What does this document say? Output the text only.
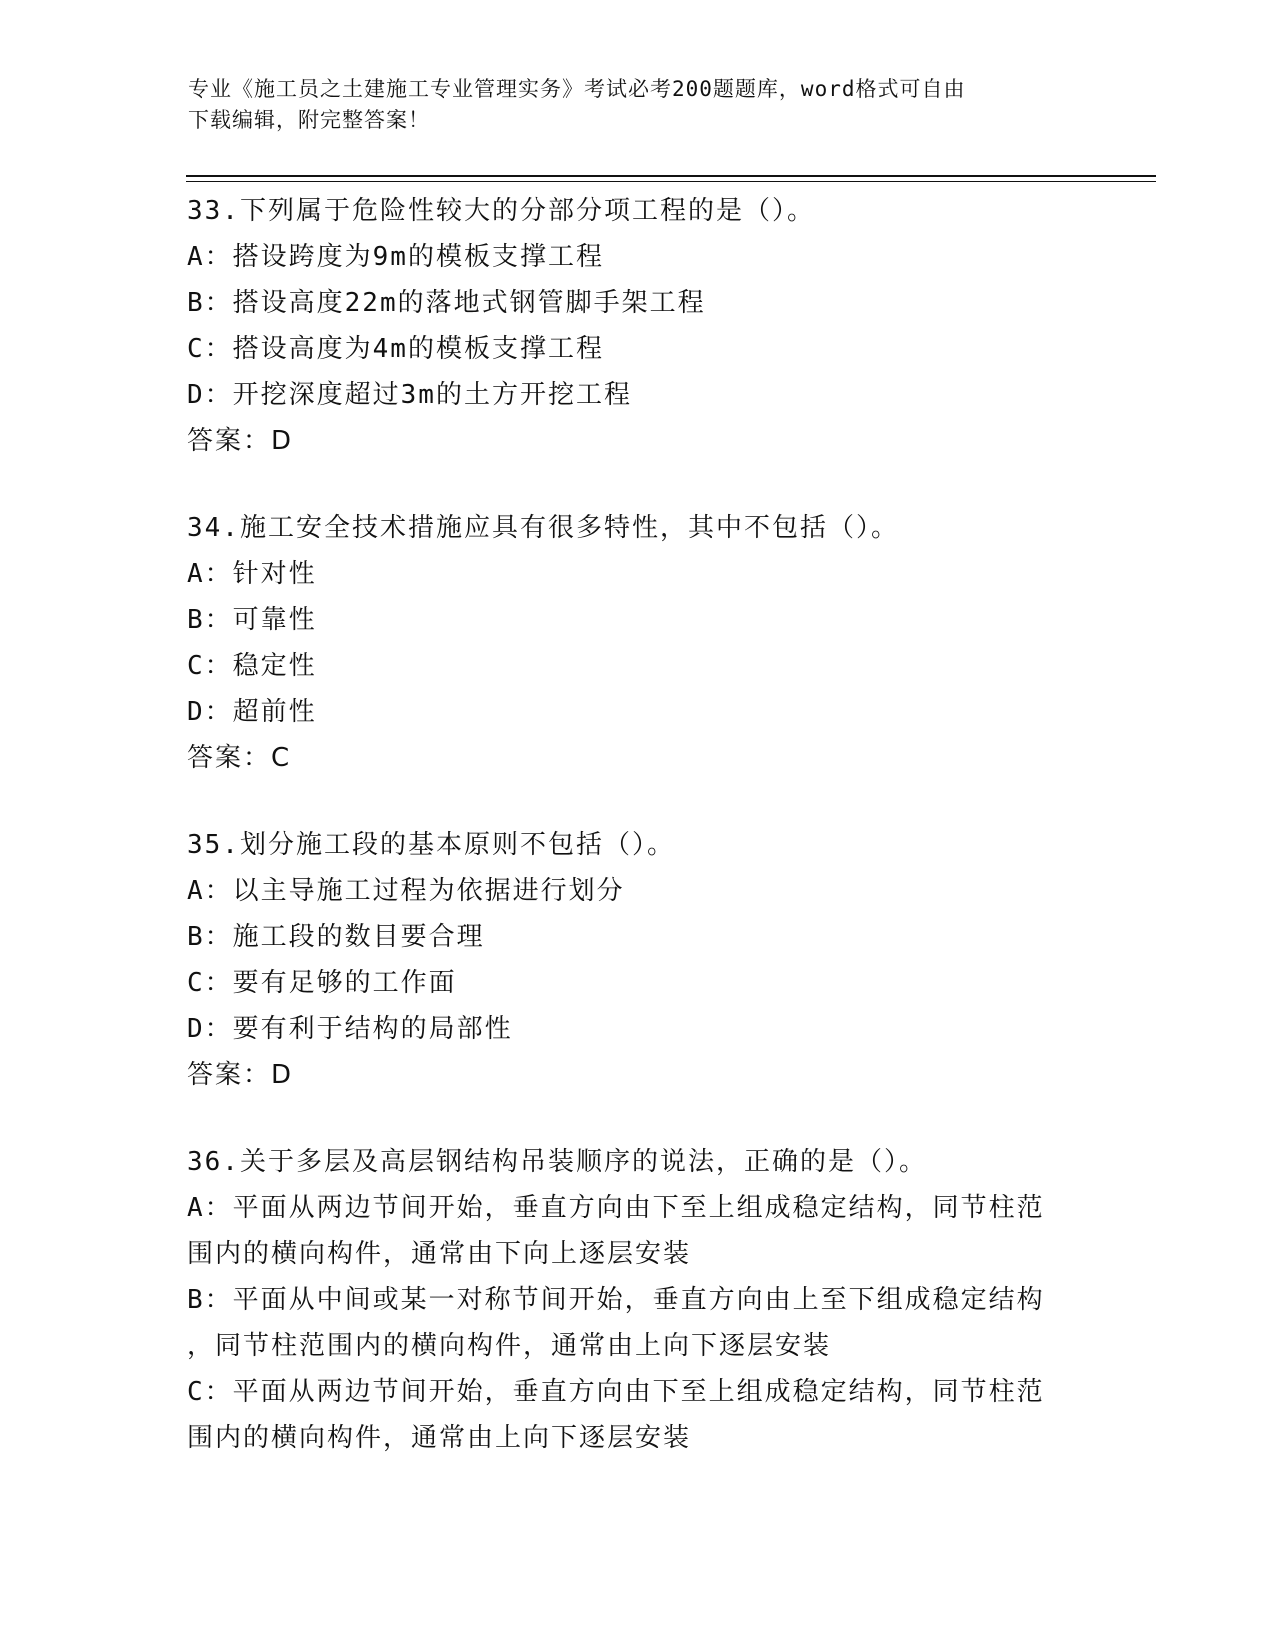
专业《施工员之土建施工专业管理实务》考试必考200题题库，word格式可自由
下载编辑，附完整答案！
33.下列属于危险性较大的分部分项工程的是（）。
A：搭设跨度为9m的模板支撑工程
B：搭设高度22m的落地式钢管脚手架工程
C：搭设高度为4m的模板支撑工程
D：开挖深度超过3m的土方开挖工程
答案：D
34.施工安全技术措施应具有很多特性，其中不包括（）。
A：针对性
B：可靠性
C：稳定性
D：超前性
答案：C
35.划分施工段的基本原则不包括（）。
A：以主导施工过程为依据进行划分
B：施工段的数目要合理
C：要有足够的工作面
D：要有利于结构的局部性
答案：D
36.关于多层及高层钢结构吊装顺序的说法，正确的是（）。
A：平面从两边节间开始，垂直方向由下至上组成稳定结构，同节柱范
围内的横向构件，通常由下向上逐层安装
B：平面从中间或某一对称节间开始，垂直方向由上至下组成稳定结构
，同节柱范围内的横向构件，通常由上向下逐层安装
C：平面从两边节间开始，垂直方向由下至上组成稳定结构，同节柱范
围内的横向构件，通常由上向下逐层安装
